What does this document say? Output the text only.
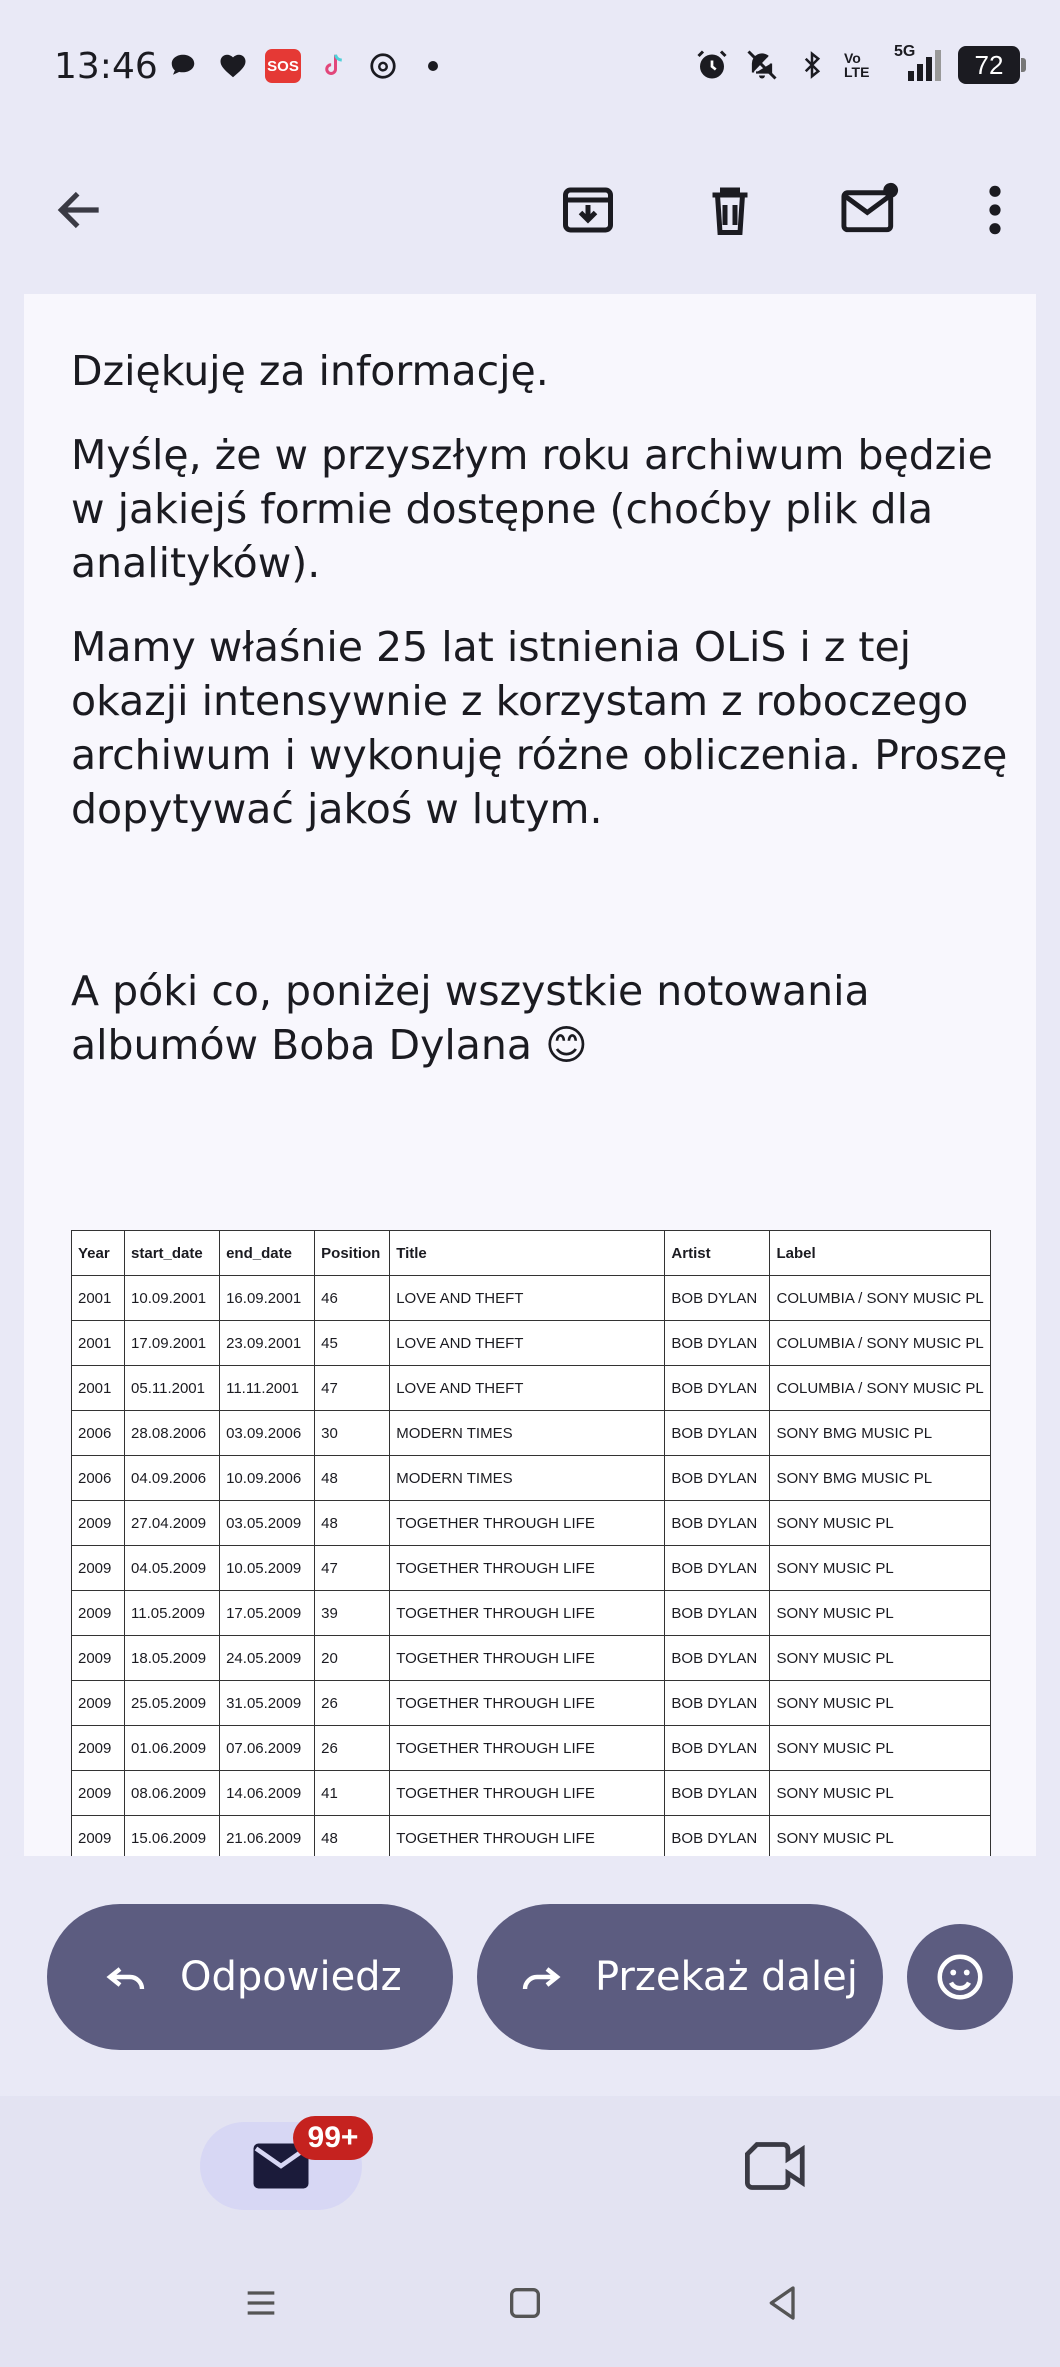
13:46	SOS	Vo LTE
5G	72

Dziękuję za informację.

Myślę, że w przyszłym roku archiwum będzie w jakiejś formie dostępne (choćby plik dla analityków).

Mamy właśnie 25 lat istnienia OLiS i z tej okazji intensywnie z korzystam z roboczego archiwum i wykonuję różne obliczenia. Proszę dopytywać jakoś w lutym.

A póki co, poniżej wszystkie notowania albumów Boba Dylana 😊

Year	start_date	end_date	Position	Title	Artist	Label
2001	10.09.2001	16.09.2001	46	LOVE AND THEFT	BOB DYLAN	COLUMBIA / SONY MUSIC PL
2001	17.09.2001	23.09.2001	45	LOVE AND THEFT	BOB DYLAN	COLUMBIA / SONY MUSIC PL
2001	05.11.2001	11.11.2001	47	LOVE AND THEFT	BOB DYLAN	COLUMBIA / SONY MUSIC PL
2006	28.08.2006	03.09.2006	30	MODERN TIMES	BOB DYLAN	SONY BMG MUSIC PL
2006	04.09.2006	10.09.2006	48	MODERN TIMES	BOB DYLAN	SONY BMG MUSIC PL
2009	27.04.2009	03.05.2009	48	TOGETHER THROUGH LIFE	BOB DYLAN	SONY MUSIC PL
2009	04.05.2009	10.05.2009	47	TOGETHER THROUGH LIFE	BOB DYLAN	SONY MUSIC PL
2009	11.05.2009	17.05.2009	39	TOGETHER THROUGH LIFE	BOB DYLAN	SONY MUSIC PL
2009	18.05.2009	24.05.2009	20	TOGETHER THROUGH LIFE	BOB DYLAN	SONY MUSIC PL
2009	25.05.2009	31.05.2009	26	TOGETHER THROUGH LIFE	BOB DYLAN	SONY MUSIC PL
2009	01.06.2009	07.06.2009	26	TOGETHER THROUGH LIFE	BOB DYLAN	SONY MUSIC PL
2009	08.06.2009	14.06.2009	41	TOGETHER THROUGH LIFE	BOB DYLAN	SONY MUSIC PL
2009	15.06.2009	21.06.2009	48	TOGETHER THROUGH LIFE	BOB DYLAN	SONY MUSIC PL
Odpowiedz	Przekaż dalej
99+
